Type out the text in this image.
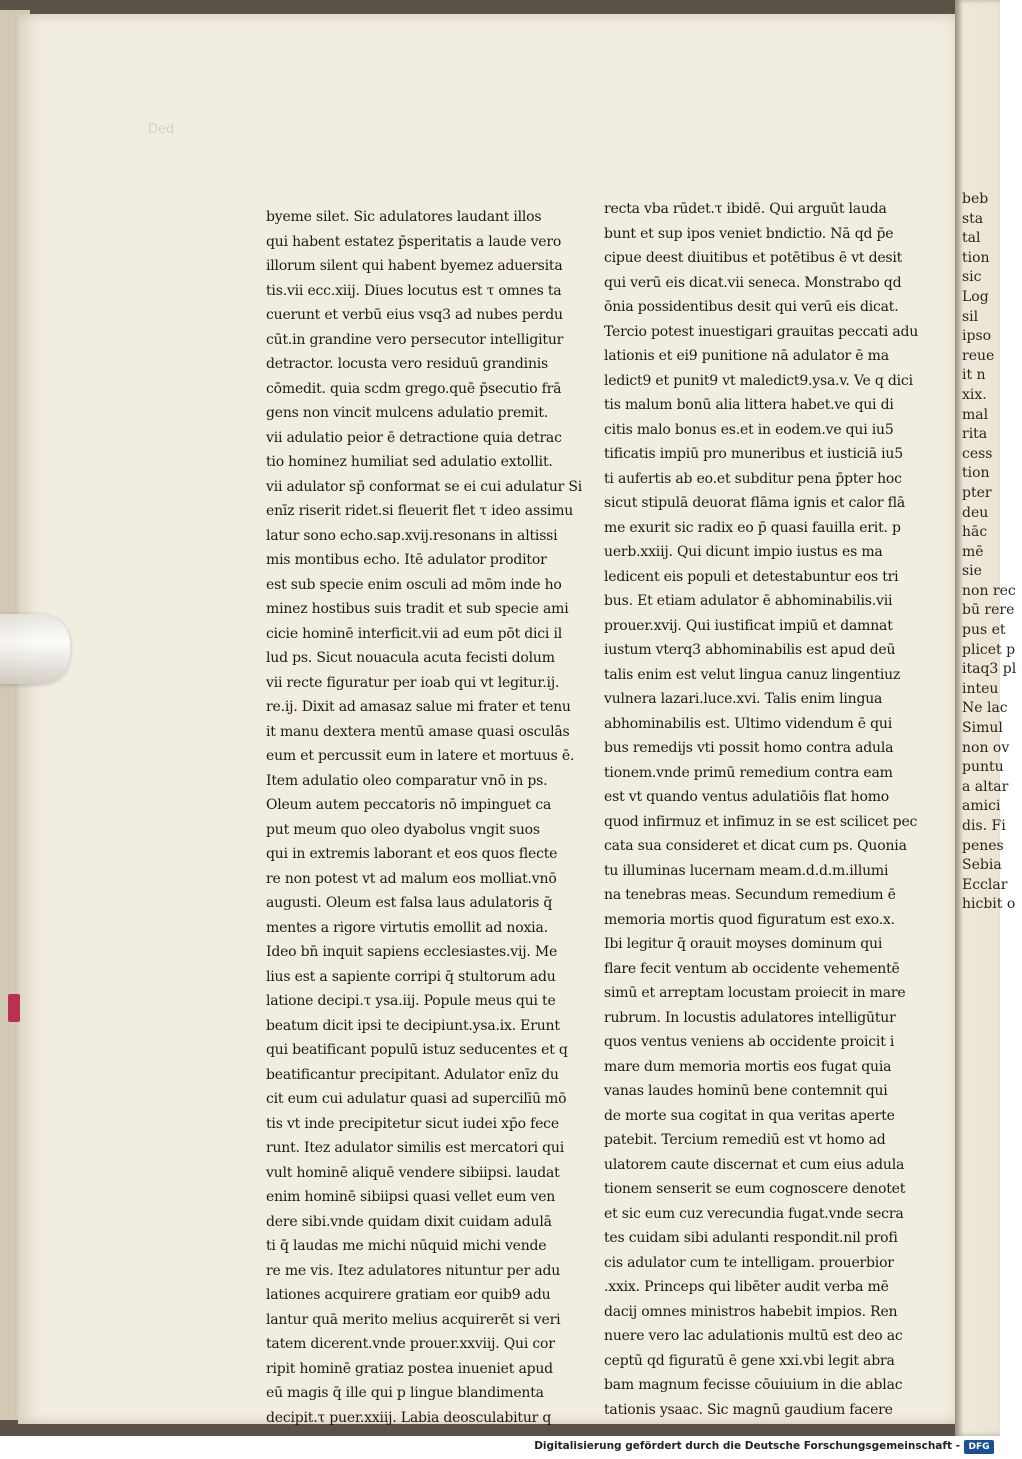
Ded
byeme silet. Sic adulatores laudant illos
qui habent estatez p̄speritatis a laude vero
illorum silent qui habent byemez aduersita
tis.vii ecc.xiij. Diues locutus est τ omnes ta
cuerunt et verbū eius vsq3 ad nubes perdu
cūt.in grandine vero persecutor intelligitur
detractor. locusta vero residuū grandinis
cōmedit. quia scdm grego.quē p̄secutio frā
gens non vincit mulcens adulatio premit.
vii adulatio peior ē detractione quia detrac
tio hominez humiliat sed adulatio extollit.
vii adulator sp̄ conformat se ei cui adulatur Si
enīz riserit ridet.si fleuerit flet τ ideo assimu
latur sono echo.sap.xvij.resonans in altissi
mis montibus echo. Itē adulator proditor
est sub specie enim osculi ad mōm inde ho
minez hostibus suis tradit et sub specie ami
cicie hominē interficit.vii ad eum pōt dici il
lud ps. Sicut nouacula acuta fecisti dolum
vii recte figuratur per ioab qui vt legitur.ij.
re.ij. Dixit ad amasaz salue mi frater et tenu
it manu dextera mentū amase quasi osculās
eum et percussit eum in latere et mortuus ē.
Item adulatio oleo comparatur vnō in ps.
Oleum autem peccatoris nō impinguet ca
put meum quo oleo dyabolus vngit suos
qui in extremis laborant et eos quos flecte
re non potest vt ad malum eos molliat.vnō
augusti. Oleum est falsa laus adulatoris q̄
mentes a rigore virtutis emollit ad noxia.
Ideo bn̄ inquit sapiens ecclesiastes.vij. Me
lius est a sapiente corripi q̄ stultorum adu
latione decipi.τ ysa.iij. Popule meus qui te
beatum dicit ipsi te decipiunt.ysa.ix. Erunt
qui beatificant populū istuz seducentes et q
beatificantur precipitant. Adulator enīz du
cit eum cui adulatur quasi ad supercilīū mō
tis vt inde precipitetur sicut iudei xp̄o fece
runt. Itez adulator similis est mercatori qui
vult hominē aliquē vendere sibiipsi. laudat
enim hominē sibiipsi quasi vellet eum ven
dere sibi.vnde quidam dixit cuidam adulā
ti q̄ laudas me michi nūquid michi vende
re me vis. Itez adulatores nituntur per adu
lationes acquirere gratiam eor quib9 adu
lantur quā merito melius acquirerēt si veri
tatem dicerent.vnde prouer.xxviij. Qui cor
ripit hominē gratiaz postea inueniet apud
eū magis q̄ ille qui p lingue blandimenta
decipit.τ puer.xxiij. Labia deosculabitur q
recta vba rūdet.τ ibidē. Qui arguūt lauda
bunt et sup ipos veniet bndictio. Nā qd p̄e
cipue deest diuitibus et potētibus ē vt desit
qui verū eis dicat.vii seneca. Monstrabo qd
ōnia possidentibus desit qui verū eis dicat.
Tercio potest inuestigari grauitas peccati adu
lationis et ei9 punitione nā adulator ē ma
ledict9 et punit9 vt maledict9.ysa.v. Ve q dici
tis malum bonū alia littera habet.ve qui di
citis malo bonus es.et in eodem.ve qui iu5
tificatis impiū pro muneribus et iusticiā iu5
ti aufertis ab eo.et subditur pena p̄pter hoc
sicut stipulā deuorat flāma ignis et calor flā
me exurit sic radix eo p̄ quasi fauilla erit. p
uerb.xxiij. Qui dicunt impio iustus es ma
ledicent eis populi et detestabuntur eos tri
bus. Et etiam adulator ē abhominabilis.vii
prouer.xvij. Qui iustificat impiū et damnat
iustum vterq3 abhominabilis est apud deū
talis enim est velut lingua canuz lingentiuz
vulnera lazari.luce.xvi. Talis enim lingua
abhominabilis est. Ultimo videndum ē qui
bus remedijs vti possit homo contra adula
tionem.vnde primū remedium contra eam
est vt quando ventus adulatiōis flat homo
quod infirmuz et infimuz in se est scilicet pec
cata sua consideret et dicat cum ps. Quonia
tu illuminas lucernam meam.d.d.m.illumi
na tenebras meas. Secundum remedium ē
memoria mortis quod figuratum est exo.x.
Ibi legitur q̄ orauit moyses dominum qui
flare fecit ventum ab occidente vehementē
simū et arreptam locustam proiecit in mare
rubrum. In locustis adulatores intelligūtur
quos ventus veniens ab occidente proicit i
mare dum memoria mortis eos fugat quia
vanas laudes hominū bene contemnit qui
de morte sua cogitat in qua veritas aperte
patebit. Tercium remediū est vt homo ad
ulatorem caute discernat et cum eius adula
tionem senserit se eum cognoscere denotet
et sic eum cuz verecundia fugat.vnde secra
tes cuidam sibi adulanti respondit.nil profi
cis adulator cum te intelligam. prouerbior
.xxix. Princeps qui libēter audit verba mē
dacij omnes ministros habebit impios. Ren
nuere vero lac adulationis multū est deo ac
ceptū qd figuratū ē gene xxi.vbi legit abra
bam magnum fecisse cōuiuium in die ablac
tationis ysaac. Sic magnū gaudium facere
beb
sta
tal
tion
sic
Log
sil
ipso
reue
it n
xix.
mal
rita
cess
tion
pter
deu
hāc
mē
sie
non rec
bū rere
pus et
plicet p
itaq3 pl
inteu
Ne lac
Simul
non ov
puntu
a altar
amici
dis. Fi
penes
Sebia
Ecclar
hicbit o
Digitalisierung gefördert durch die Deutsche Forschungsgemeinschaft - DFG
